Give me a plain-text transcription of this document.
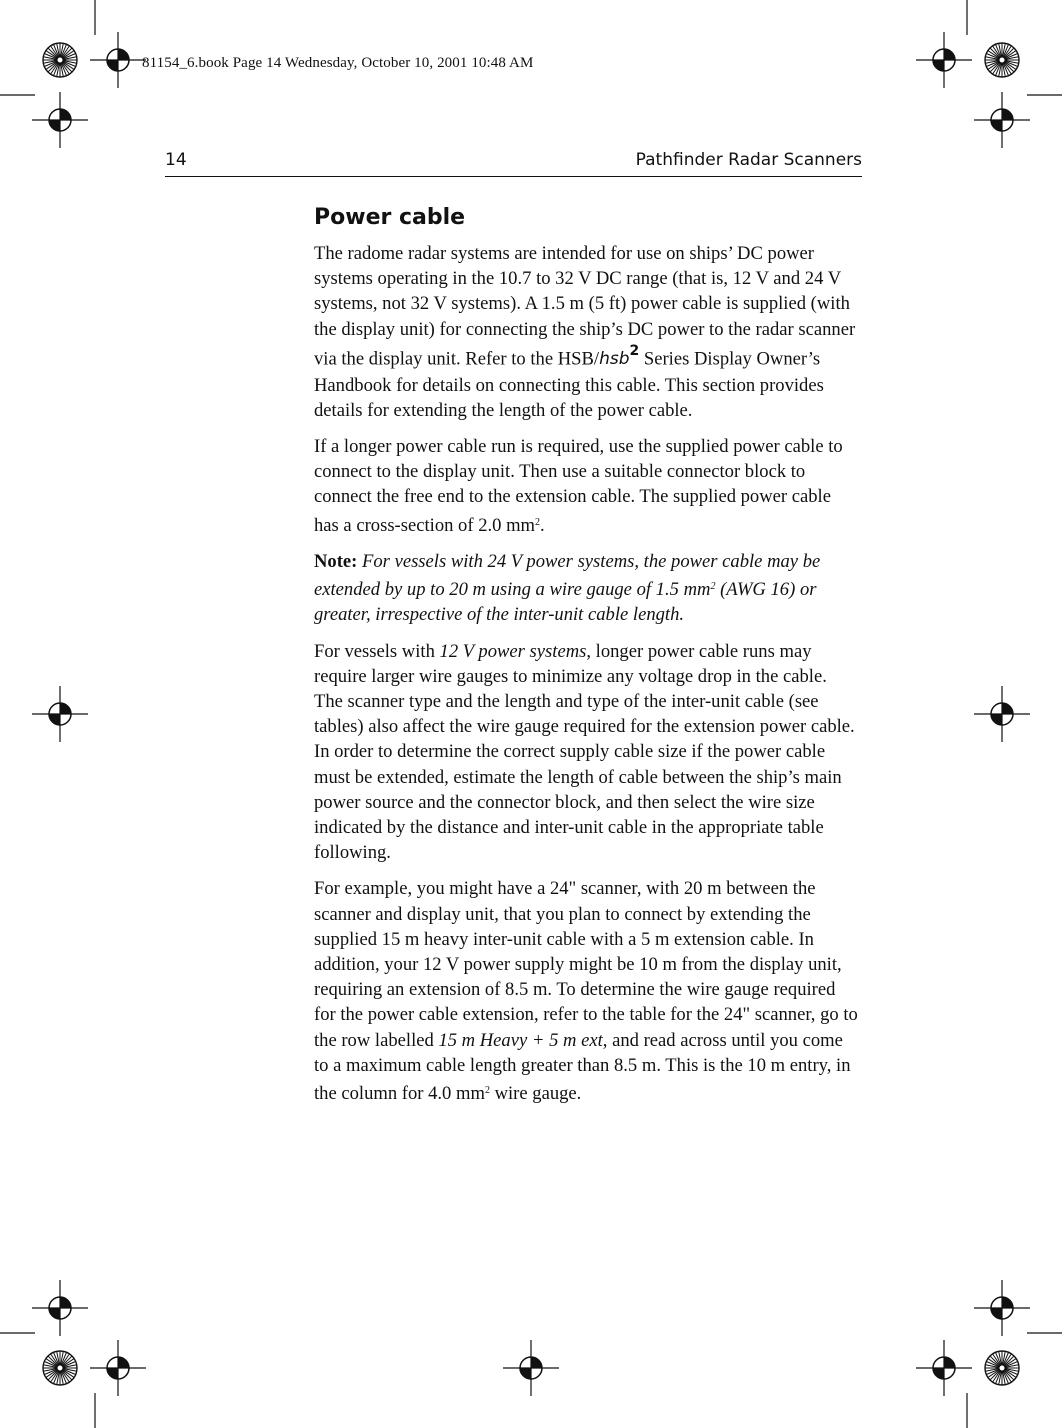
81154_6.book Page 14 Wednesday, October 10, 2001 10:48 AM
14	Pathfinder Radar Scanners
Power cable

The radome radar systems are intended for use on ships’ DC power systems operating in the 10.7 to 32 V DC range (that is, 12 V and 24 V systems, not 32 V systems). A 1.5 m (5 ft) power cable is supplied (with the display unit) for connecting the ship’s DC power to the radar scanner via the display unit. Refer to the HSB/hsb$^2$ Series Display Owner’s Handbook for details on connecting this cable. This section provides details for extending the length of the power cable.

If a longer power cable run is required, use the supplied power cable to connect to the display unit. Then use a suitable connector block to connect the free end to the extension cable. The supplied power cable has a cross-section of 2.0 $mm^2$.

Note: For vessels with 24 V power systems, the power cable may be extended by up to 20 m using a wire gauge of 1.5 $mm^2$ (AWG 16) or greater, irrespective of the inter-unit cable length.

For vessels with 12 V power systems, longer power cable runs may require larger wire gauges to minimize any voltage drop in the cable. The scanner type and the length and type of the inter-unit cable (see tables) also affect the wire gauge required for the extension power cable. In order to determine the correct supply cable size if the power cable must be extended, estimate the length of cable between the ship’s main power source and the connector block, and then select the wire size indicated by the distance and inter-unit cable in the appropriate table following.

For example, you might have a 24" scanner, with 20 m between the scanner and display unit, that you plan to connect by extending the supplied 15 m heavy inter-unit cable with a 5 m extension cable. In addition, your 12 V power supply might be 10 m from the display unit, requiring an extension of 8.5 m. To determine the wire gauge required for the power cable extension, refer to the table for the 24" scanner, go to the row labelled 15 m Heavy + 5 m ext, and read across until you come to a maximum cable length greater than 8.5 m. This is the 10 m entry, in the column for 4.0 $mm^2$ wire gauge.
